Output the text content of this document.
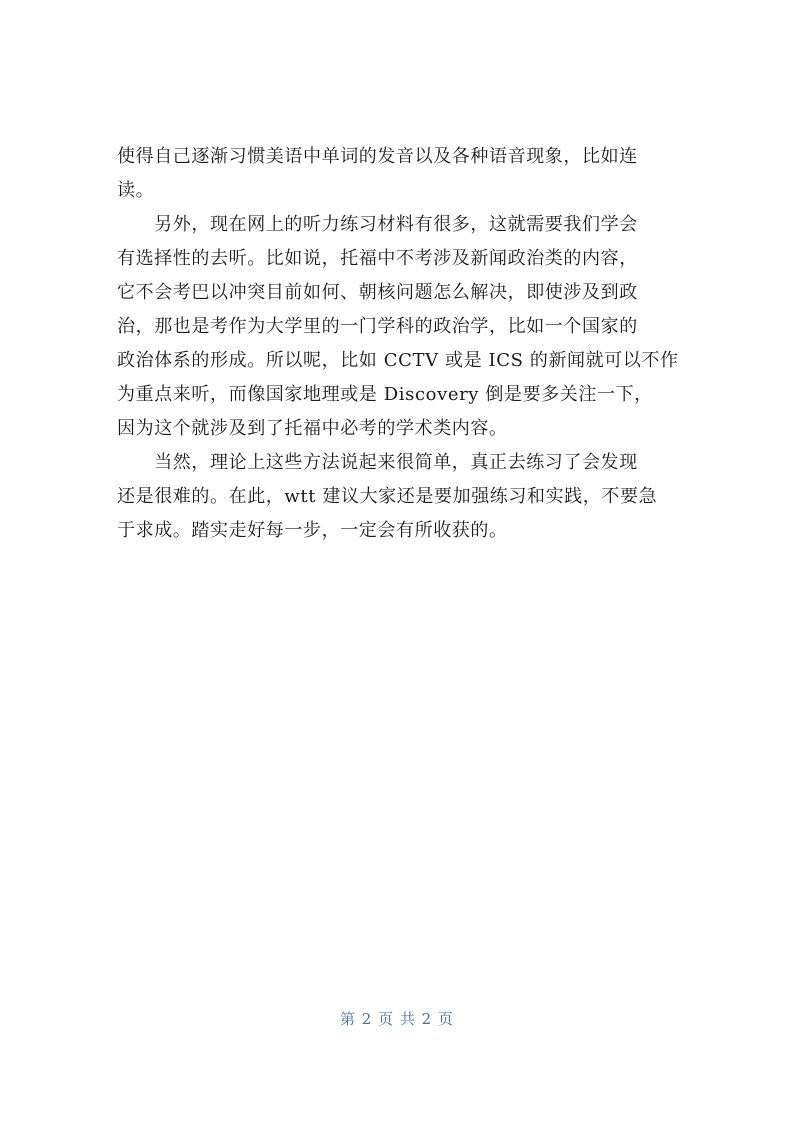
使得自己逐渐习惯美语中单词的发音以及各种语音现象，比如连
读。
　　另外，现在网上的听力练习材料有很多，这就需要我们学会
有选择性的去听。比如说，托福中不考涉及新闻政治类的内容，
它不会考巴以冲突目前如何、朝核问题怎么解决，即使涉及到政
治，那也是考作为大学里的一门学科的政治学，比如一个国家的
政治体系的形成。所以呢，比如 CCTV 或是 ICS 的新闻就可以不作
为重点来听，而像国家地理或是 Discovery 倒是要多关注一下，
因为这个就涉及到了托福中必考的学术类内容。
　　当然，理论上这些方法说起来很简单，真正去练习了会发现
还是很难的。在此，wtt 建议大家还是要加强练习和实践，不要急
于求成。踏实走好每一步，一定会有所收获的。
第 2 页 共 2 页
